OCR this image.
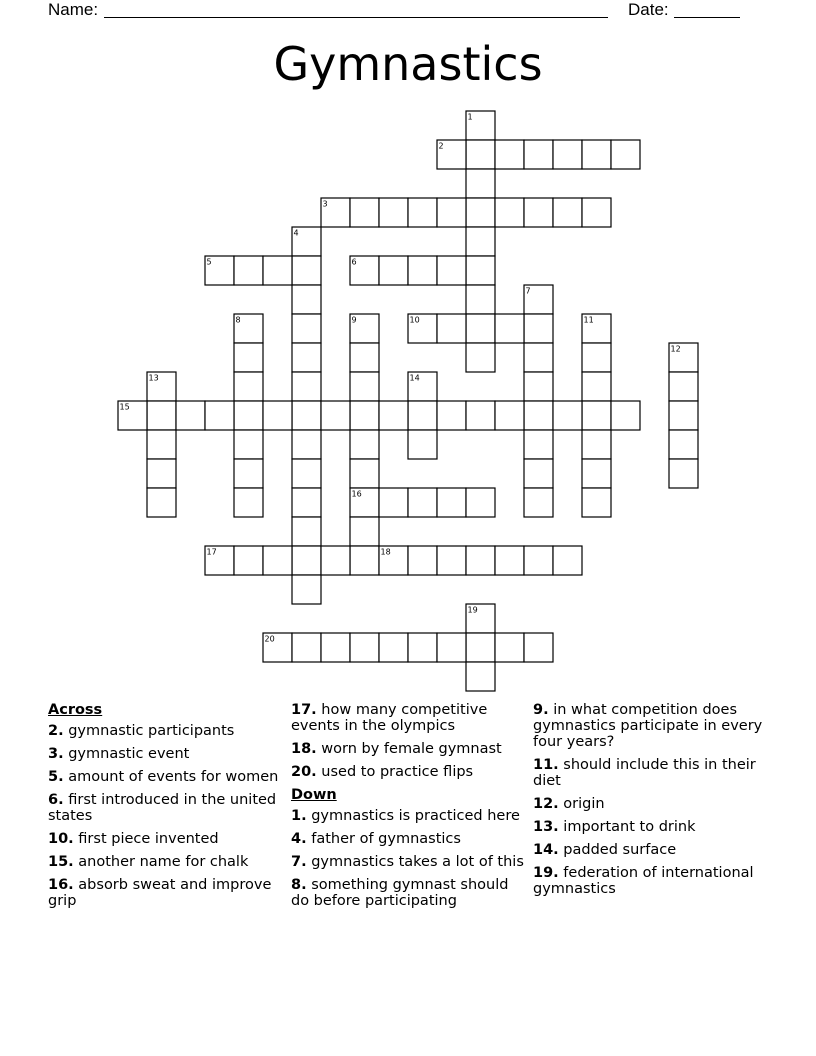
Name:	Date:
Gymnastics
1
2
3
4
5	6
7
8	9	10	11
12
13	14
15
16
17	18
19
20
Across
2. gymnastic participants
3. gymnastic event
5. amount of events for women
6. first introduced in the united states
10. first piece invented
15. another name for chalk
16. absorb sweat and improve grip
17. how many competitive events in the olympics
18. worn by female gymnast
20. used to practice flips
Down
1. gymnastics is practiced here
4. father of gymnastics
7. gymnastics takes a lot of this
8. something gymnast should do before participating
9. in what competition does gymnastics participate in every four years?
11. should include this in their diet
12. origin
13. important to drink
14. padded surface
19. federation of international gymnastics
